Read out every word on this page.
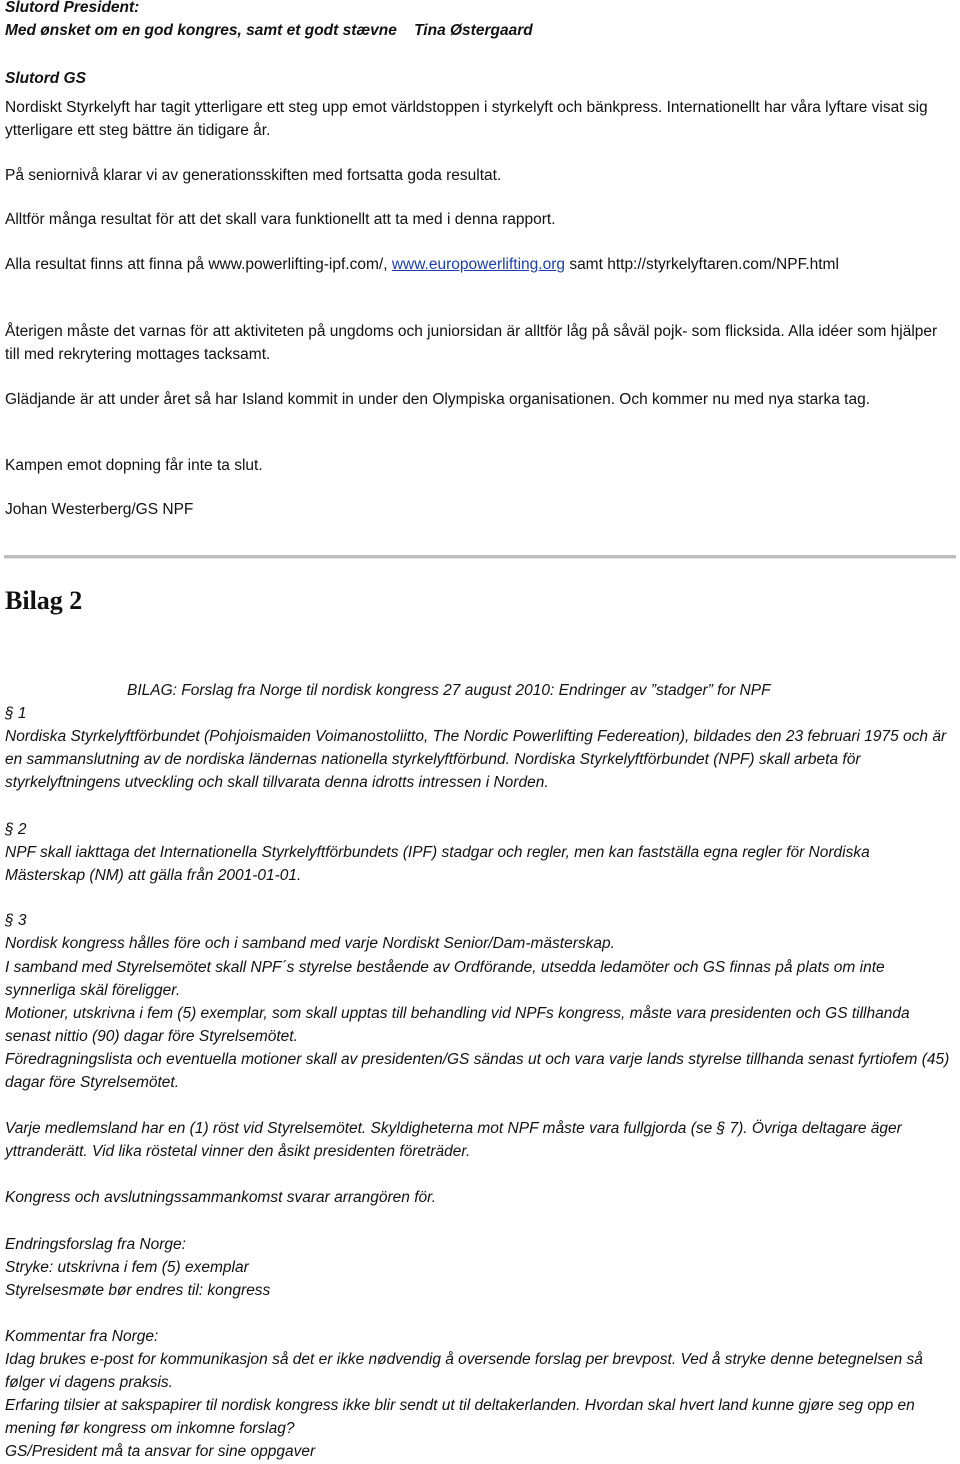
Slutord President:

Med ønsket om en god kongres, samt et godt stævne Tina Østergaard

Slutord GS

Nordiskt Styrkelyft har tagit ytterligare ett steg upp emot världstoppen i styrkelyft och bänkpress. Internationellt har våra lyftare visat sig ytterligare ett steg bättre än tidigare år.

På seniornivå klarar vi av generationsskiften med fortsatta goda resultat.

Alltför många resultat för att det skall vara funktionellt att ta med i denna rapport.

Alla resultat finns att finna på www.powerlifting-ipf.com/, www.europowerlifting.org samt http://styrkelyftaren.com/NPF.html

Återigen måste det varnas för att aktiviteten på ungdoms och juniorsidan är alltför låg på såväl pojk- som flicksida. Alla idéer som hjälper till med rekrytering mottages tacksamt.

Glädjande är att under året så har Island kommit in under den Olympiska organisationen. Och kommer nu med nya starka tag.

Kampen emot dopning får inte ta slut.

Johan Westerberg/GS NPF

Bilag 2

BILAG: Forslag fra Norge til nordisk kongress 27 august 2010: Endringer av ”stadger” for NPF

§ 1

Nordiska Styrkelyftförbundet (Pohjoismaiden Voimanostoliitto, The Nordic Powerlifting Federeation), bildades den 23 februari 1975 och är en sammanslutning av de nordiska ländernas nationella styrkelyftförbund. Nordiska Styrkelyftförbundet (NPF) skall arbeta för styrkelyftningens utveckling och skall tillvarata denna idrotts intressen i Norden.

§ 2

NPF skall iakttaga det Internationella Styrkelyftförbundets (IPF) stadgar och regler, men kan fastställa egna regler för Nordiska Mästerskap (NM) att gälla från 2001-01-01.

§ 3

Nordisk kongress hålles före och i samband med varje Nordiskt Senior/Dam-mästerskap.

I samband med Styrelsemötet skall NPF´s styrelse bestående av Ordförande, utsedda ledamöter och GS finnas på plats om inte synnerliga skäl föreligger.

Motioner, utskrivna i fem (5) exemplar, som skall upptas till behandling vid NPFs kongress, måste vara presidenten och GS tillhanda senast nittio (90) dagar före Styrelsemötet.

Föredragningslista och eventuella motioner skall av presidenten/GS sändas ut och vara varje lands styrelse tillhanda senast fyrtiofem (45) dagar före Styrelsemötet.

Varje medlemsland har en (1) röst vid Styrelsemötet. Skyldigheterna mot NPF måste vara fullgjorda (se § 7). Övriga deltagare äger yttranderätt. Vid lika röstetal vinner den åsikt presidenten företräder.

Kongress och avslutningssammankomst svarar arrangören för.

Endringsforslag fra Norge:

Stryke: utskrivna i fem (5) exemplar

Styrelsesmøte bør endres til: kongress

Kommentar fra Norge:

Idag brukes e-post for kommunikasjon så det er ikke nødvendig å oversende forslag per brevpost. Ved å stryke denne betegnelsen så følger vi dagens praksis.

Erfaring tilsier at sakspapirer til nordisk kongress ikke blir sendt ut til deltakerlanden. Hvordan skal hvert land kunne gjøre seg opp en mening før kongress om inkomne forslag?

GS/President må ta ansvar for sine oppgaver
